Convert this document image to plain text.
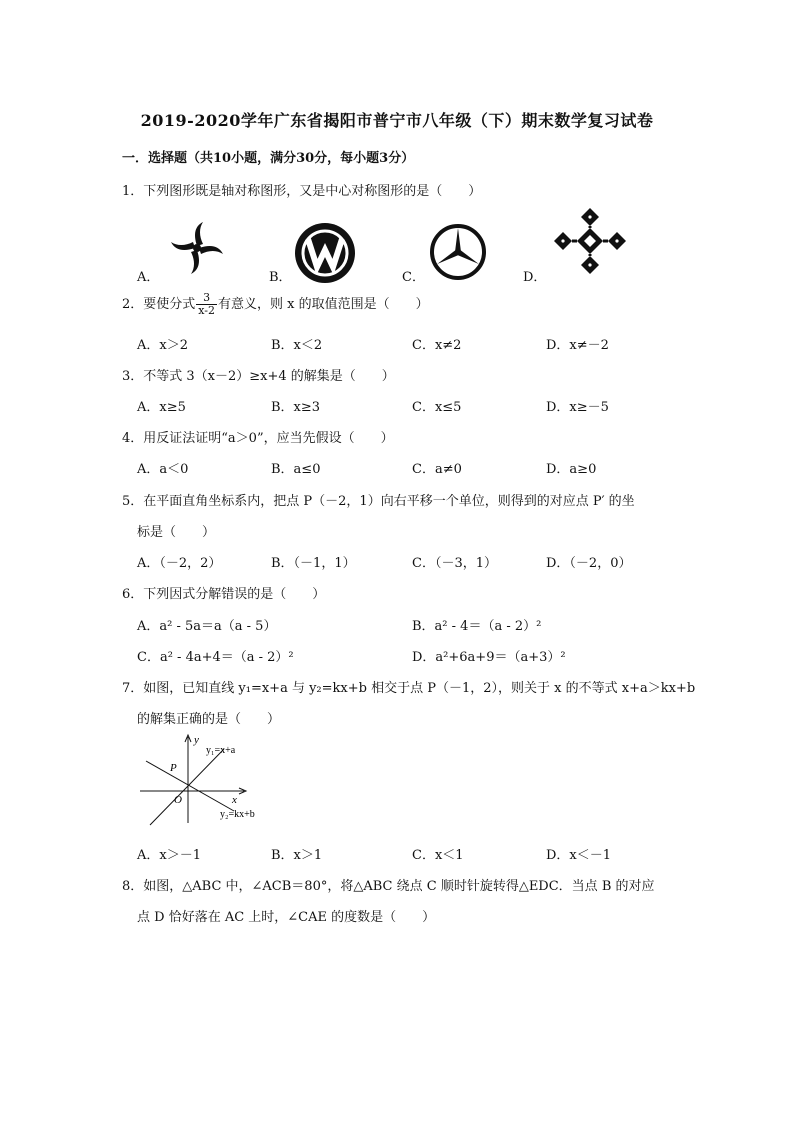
2019-2020学年广东省揭阳市普宁市八年级（下）期末数学复习试卷
一．选择题（共10小题，满分30分，每小题3分）
1．下列图形既是轴对称图形，又是中心对称图形的是（　　）
A．	B．	C．	D．
2．要使分式 $\frac{3}{x-2}$ 有意义，则 x 的取值范围是（　　）
A．x＞2	B．x＜2	C．x≠2	D．x≠－2
3．不等式 3（x－2）≥x+4 的解集是（　　）
A．x≥5	B．x≥3	C．x≤5	D．x≥－5
4．用反证法证明“a＞0”，应当先假设（　　）
A．a＜0	B．a≤0	C．a≠0	D．a≥0
5．在平面直角坐标系内，把点 P（－2，1）向右平移一个单位，则得到的对应点 P′ 的坐
标是（　　）
A．（－2，2）	B．（－1，1）	C．（－3，1）	D．（－2，0）
6．下列因式分解错误的是（　　）
A．a² - 5a＝a（a - 5）	B．a² - 4＝（a - 2）²
C．a² - 4a+4＝（a - 2）²	D．a²+6a+9＝（a+3）²
7．如图，已知直线 y₁=x+a 与 y₂=kx+b 相交于点 P（－1，2），则关于 x 的不等式 x+a＞kx+b
的解集正确的是（　　）
y
x
O
P
y₁=x+a
y₂=kx+b
A．x＞－1	B．x＞1	C．x＜1	D．x＜－1
8．如图，△ABC 中，∠ACB＝80°，将△ABC 绕点 C 顺时针旋转得△EDC．当点 B 的对应
点 D 恰好落在 AC 上时，∠CAE 的度数是（　　）
